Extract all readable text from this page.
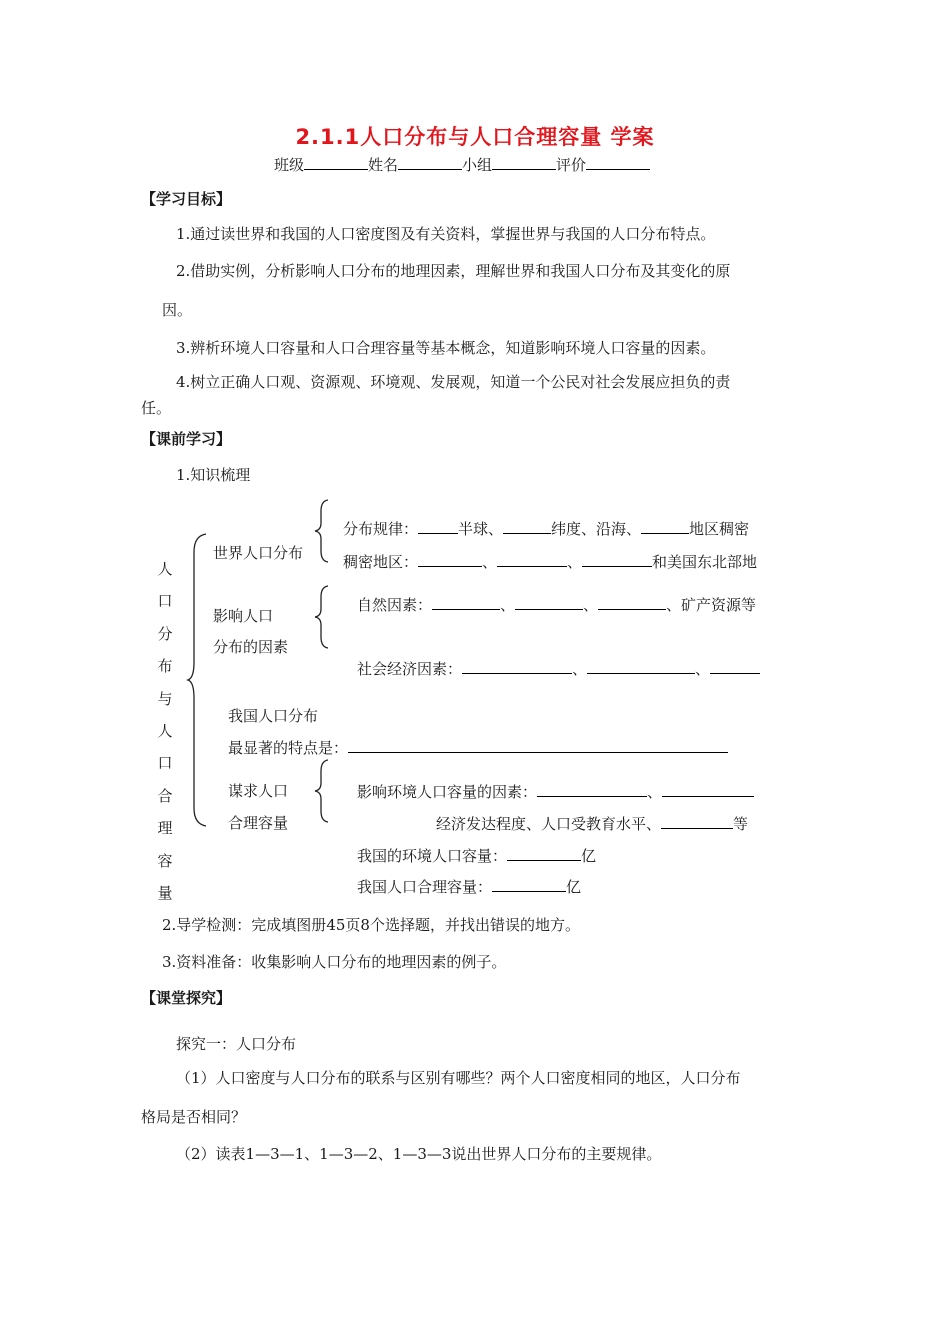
2.1.1人口分布与人口合理容量 学案
班级	姓名	小组	评价
【学习目标】
1.通过读世界和我国的人口密度图及有关资料，掌握世界与我国的人口分布特点。
2.借助实例，分析影响人口分布的地理因素，理解世界和我国人口分布及其变化的原
因。
3.辨析环境人口容量和人口合理容量等基本概念，知道影响环境人口容量的因素。
4.树立正确人口观、资源观、环境观、发展观，知道一个公民对社会发展应担负的责
任。
【课前学习】
1.知识梳理
人
口
分
布
与
人
口
合
理
容
量
世界人口分布
分布规律：	半球、	纬度、沿海、	地区稠密
稠密地区：	、	、	和美国东北部地
影响人口
分布的因素
自然因素：	、	、	、矿产资源等
社会经济因素：	、	、
我国人口分布
最显著的特点是：
谋求人口
合理容量
影响环境人口容量的因素：	、
经济发达程度、人口受教育水平、	等
我国的环境人口容量：	亿
我国人口合理容量：	亿
2.导学检测：完成填图册45页8个选择题，并找出错误的地方。
3.资料准备：收集影响人口分布的地理因素的例子。
【课堂探究】
探究一：人口分布
（1）人口密度与人口分布的联系与区别有哪些？两个人口密度相同的地区，人口分布
格局是否相同？
（2）读表1—3—1、1—3—2、1—3—3说出世界人口分布的主要规律。
